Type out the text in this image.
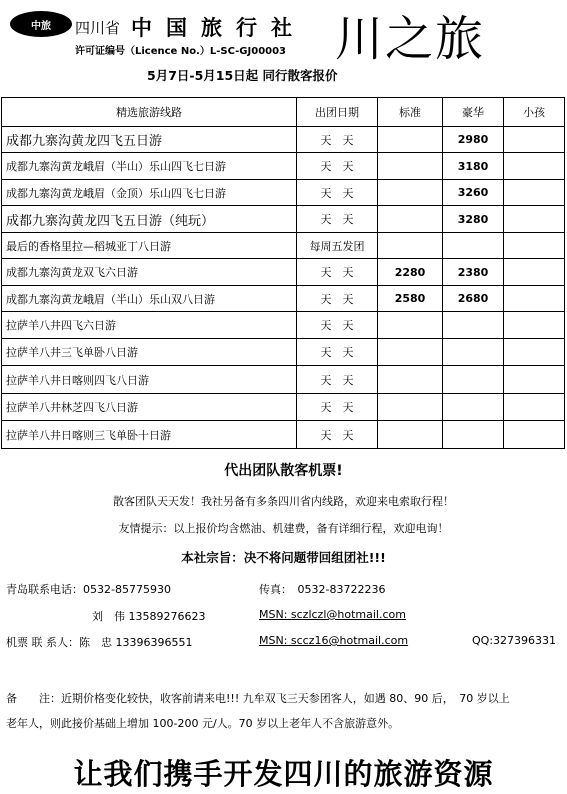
中旅 四川省 中国旅行社 川之旅
许可证编号（Licence No.）L-SC-GJ00003
5月7日-5月15日起 同行散客报价
精选旅游线路	出团日期	标准	豪华	小孩
成都九寨沟黄龙四飞五日游	天　天		2980	
成都九寨沟黄龙峨眉（半山）乐山四飞七日游	天　天		3180	
成都九寨沟黄龙峨眉（金顶）乐山四飞七日游	天　天		3260	
成都九寨沟黄龙四飞五日游（纯玩）	天　天		3280	
最后的香格里拉—稻城亚丁八日游	每周五发团			
成都九寨沟黄龙双飞六日游	天　天	2280	2380	
成都九寨沟黄龙峨眉（半山）乐山双八日游	天　天	2580	2680	
拉萨羊八井四飞六日游	天　天			
拉萨羊八井三飞单卧八日游	天　天			
拉萨羊八井日喀则四飞八日游	天　天			
拉萨羊八井林芝四飞八日游	天　天			
拉萨羊八井日喀则三飞单卧十日游	天　天			
代出团队散客机票!
散客团队天天发！我社另备有多条四川省内线路，欢迎来电索取行程！
友情提示：以上报价均含燃油、机建费，备有详细行程，欢迎电询！
本社宗旨：决不将问题带回组团社!!!
青岛联系电话：0532-85775930	传真：　0532-83722236
刘　伟 13589276623	MSN: sczlczl@hotmail.com
机票 联 系人：陈　忠 13396396551	MSN: sccz16@hotmail.com	QQ:327396331
备　　注：近期价格变化较快，收客前请来电!!! 九牟双飞三天参团客人，如遇 80、90 后，　70 岁以上
老年人，则此接价基础上增加 100-200 元/人。70 岁以上老年人不含旅游意外。
让我们携手开发四川的旅游资源
